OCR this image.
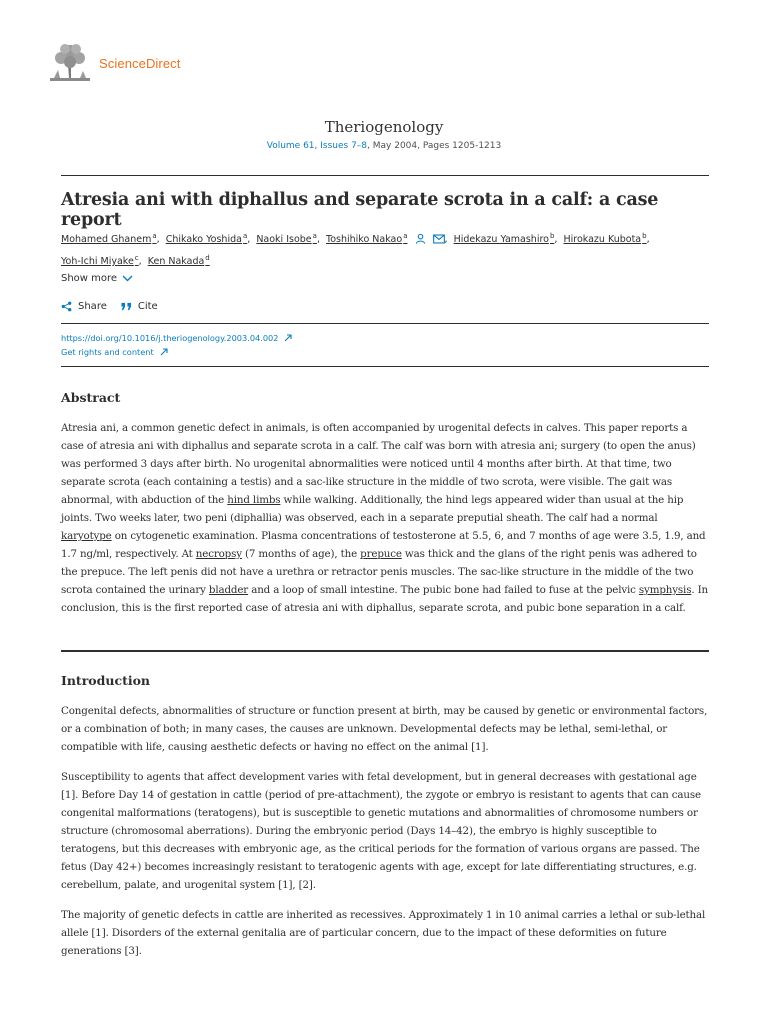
ScienceDirect
Theriogenology
Volume 61, Issues 7–8, May 2004, Pages 1205-1213
Atresia ani with diphallus and separate scrota in a calf: a case report
Mohamed Ghanem$^a$, Chikako Yoshida$^a$, Naoki Isobe$^a$, Toshihiko Nakao$^a$	, Hidekazu Yamashiro$^b$, Hirokazu Kubota$^b$,
Yoh-Ichi Miyake$^c$, Ken Nakada$^d$
Show more
Share	Cite
https://doi.org/10.1016/j.theriogenology.2003.04.002
Get rights and content
Abstract

Atresia ani, a common genetic defect in animals, is often accompanied by urogenital defects in calves. This paper reports a case of atresia ani with diphallus and separate scrota in a calf. The calf was born with atresia ani; surgery (to open the anus) was performed 3 days after birth. No urogenital abnormalities were noticed until 4 months after birth. At that time, two separate scrota (each containing a testis) and a sac-like structure in the middle of two scrota, were visible. The gait was abnormal, with abduction of the hind limbs while walking. Additionally, the hind legs appeared wider than usual at the hip joints. Two weeks later, two peni (diphallia) was observed, each in a separate preputial sheath. The calf had a normal karyotype on cytogenetic examination. Plasma concentrations of testosterone at 5.5, 6, and 7 months of age were 3.5, 1.9, and 1.7 ng/ml, respectively. At necropsy (7 months of age), the prepuce was thick and the glans of the right penis was adhered to the prepuce. The left penis did not have a urethra or retractor penis muscles. The sac-like structure in the middle of the two scrota contained the urinary bladder and a loop of small intestine. The pubic bone had failed to fuse at the pelvic symphysis. In conclusion, this is the first reported case of atresia ani with diphallus, separate scrota, and pubic bone separation in a calf.

Introduction

Congenital defects, abnormalities of structure or function present at birth, may be caused by genetic or environmental factors, or a combination of both; in many cases, the causes are unknown. Developmental defects may be lethal, semi-lethal, or compatible with life, causing aesthetic defects or having no effect on the animal [1].

Susceptibility to agents that affect development varies with fetal development, but in general decreases with gestational age [1]. Before Day 14 of gestation in cattle (period of pre-attachment), the zygote or embryo is resistant to agents that can cause congenital malformations (teratogens), but is susceptible to genetic mutations and abnormalities of chromosome numbers or structure (chromosomal aberrations). During the embryonic period (Days 14–42), the embryo is highly susceptible to teratogens, but this decreases with embryonic age, as the critical periods for the formation of various organs are passed. The fetus (Day 42+) becomes increasingly resistant to teratogenic agents with age, except for late differentiating structures, e.g. cerebellum, palate, and urogenital system [1], [2].

The majority of genetic defects in cattle are inherited as recessives. Approximately 1 in 10 animal carries a lethal or sub-lethal allele [1]. Disorders of the external genitalia are of particular concern, due to the impact of these deformities on future generations [3].
